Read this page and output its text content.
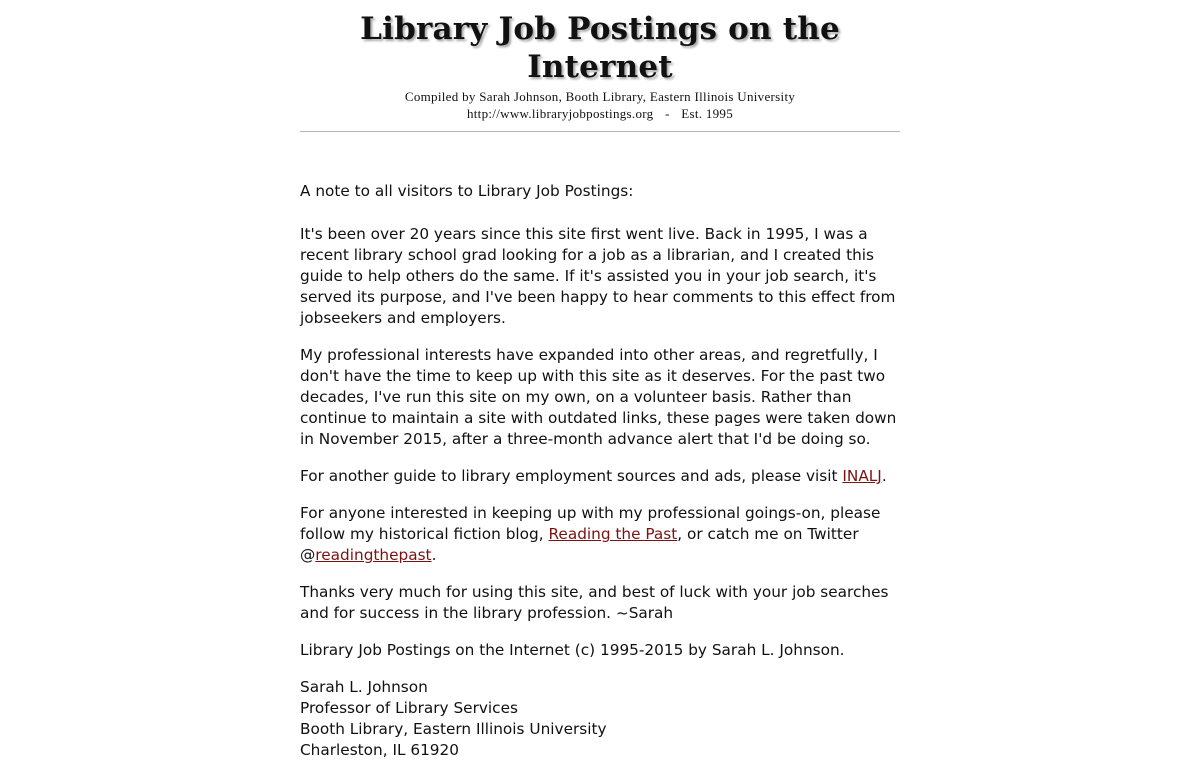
Library Job Postings on the Internet
Compiled by Sarah Johnson, Booth Library, Eastern Illinois University
http://www.libraryjobpostings.org - Est. 1995

A note to all visitors to Library Job Postings:

It's been over 20 years since this site first went live. Back in 1995, I was a recent library school grad looking for a job as a librarian, and I created this guide to help others do the same. If it's assisted you in your job search, it's served its purpose, and I've been happy to hear comments to this effect from jobseekers and employers.

My professional interests have expanded into other areas, and regretfully, I don't have the time to keep up with this site as it deserves. For the past two decades, I've run this site on my own, on a volunteer basis. Rather than continue to maintain a site with outdated links, these pages were taken down in November 2015, after a three-month advance alert that I'd be doing so.

For another guide to library employment sources and ads, please visit INALJ.

For anyone interested in keeping up with my professional goings-on, please follow my historical fiction blog, Reading the Past, or catch me on Twitter @readingthepast.

Thanks very much for using this site, and best of luck with your job searches and for success in the library profession. ~Sarah

Library Job Postings on the Internet (c) 1995-2015 by Sarah L. Johnson.

Sarah L. Johnson

Professor of Library Services

Booth Library, Eastern Illinois University

Charleston, IL 61920
